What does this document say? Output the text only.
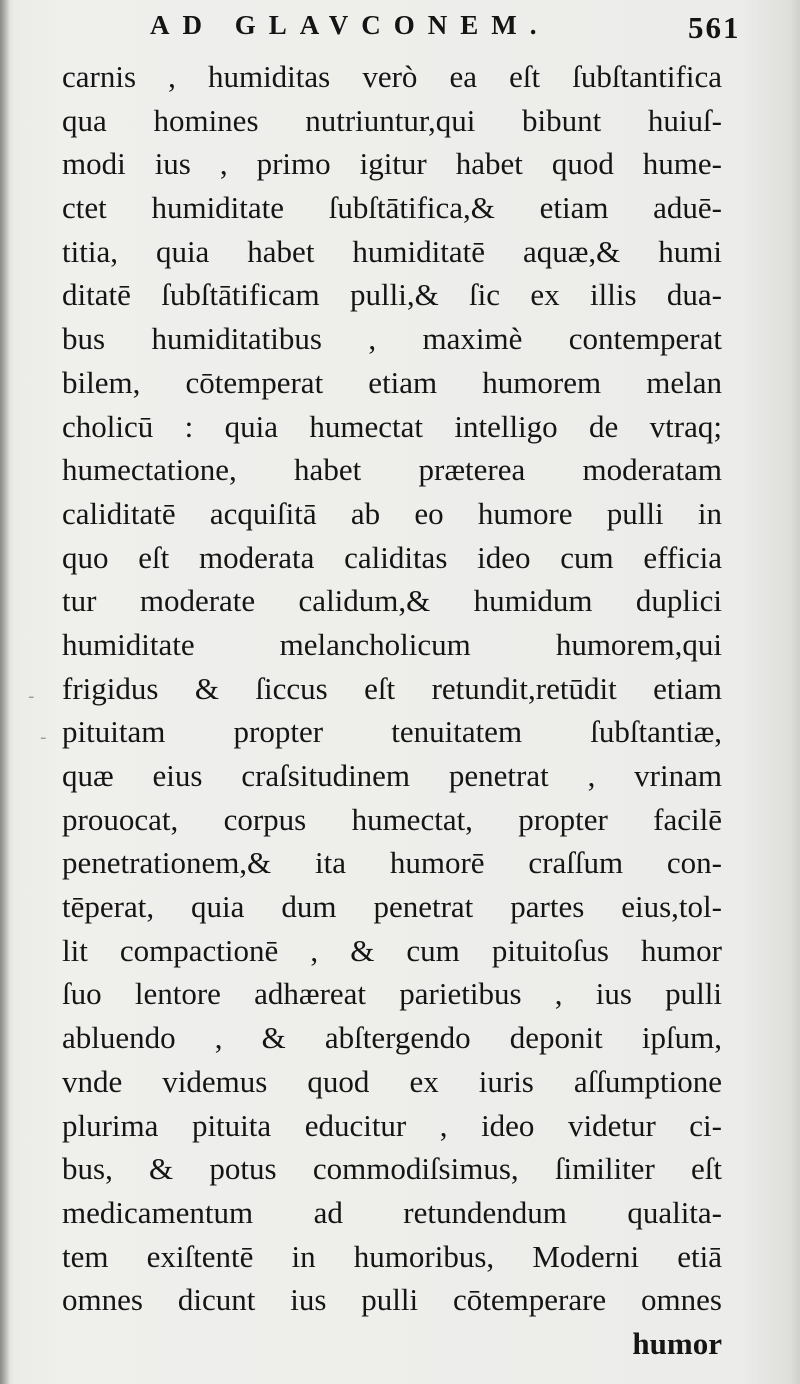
AD GLAVCONEM.	561
carnis , humiditas verò ea eſt ſubſtantifica
qua homines nutriuntur,qui bibunt huiuſ-
modi ius , primo igitur habet quod hume-
ctet humiditate ſubſtātifica,& etiam aduē-
titia, quia habet humiditatē aquæ,& humi
ditatē ſubſtātificam pulli,& ſic ex illis dua-
bus humiditatibus , maximè contemperat
bilem, cōtemperat etiam humorem melan
cholicū : quia humectat intelligo de vtraq;
humectatione, habet præterea moderatam
caliditatē acquiſitā ab eo humore pulli in
quo eſt moderata caliditas ideo cum efficia
tur moderate calidum,& humidum duplici
humiditate melancholicum humorem,qui
frigidus & ſiccus eſt retundit,retūdit etiam
pituitam propter tenuitatem ſubſtantiæ,
quæ eius craſsitudinem penetrat , vrinam
prouocat, corpus humectat, propter facilē
penetrationem,& ita humorē craſſum con-
tēperat, quia dum penetrat partes eius,tol-
lit compactionē , & cum pituitoſus humor
ſuo lentore adhæreat parietibus , ius pulli
abluendo , & abſtergendo deponit ipſum,
vnde videmus quod ex iuris aſſumptione
plurima pituita educitur , ideo videtur ci-
bus, & potus commodiſsimus, ſimiliter eſt
medicamentum ad retundendum qualita-
tem exiſtentē in humoribus, Moderni etiā
omnes dicunt ius pulli cōtemperare omnes
humor
-
-
